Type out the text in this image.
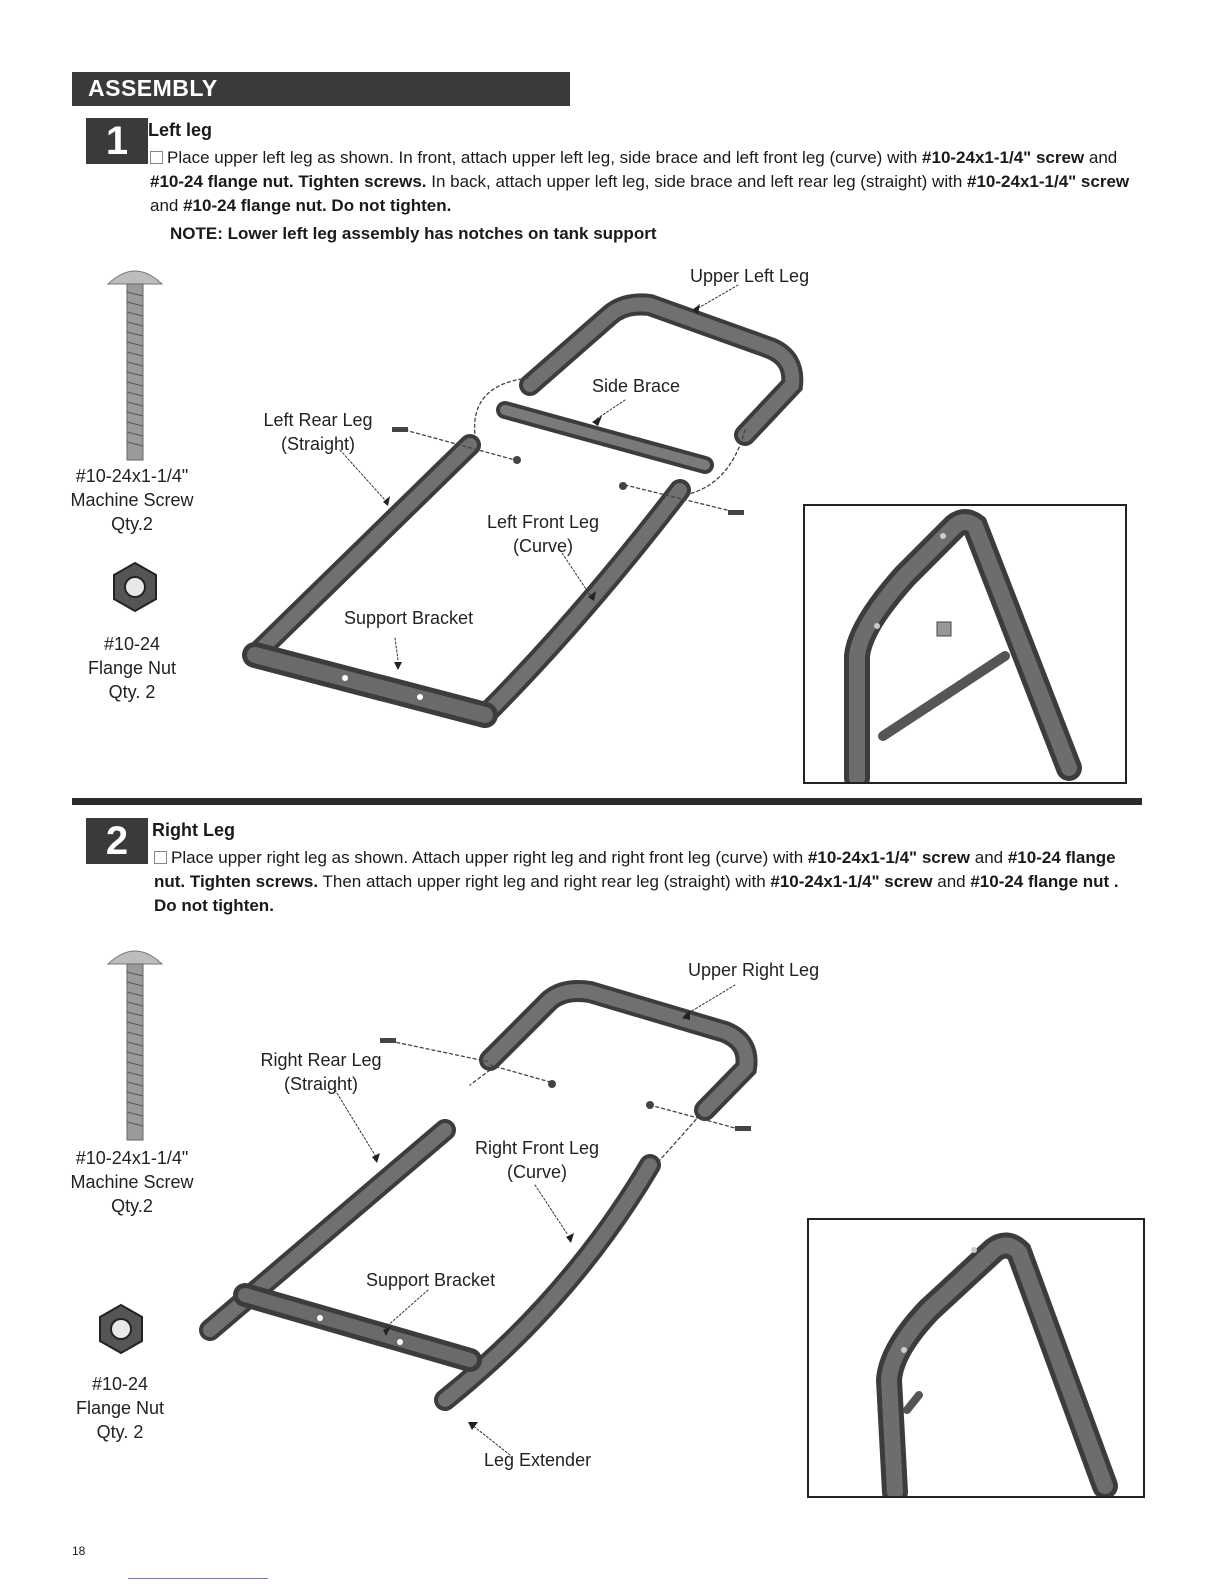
ASSEMBLY
1	Left leg
Place upper left leg as shown. In front, attach upper left leg, side brace and left front leg (curve) with #10-24x1-1/4" screw and #10-24 flange nut. Tighten screws. In back, attach upper left leg, side brace and left rear leg (straight) with #10-24x1-1/4" screw and #10-24 flange nut. Do not tighten.
NOTE: Lower left leg assembly has notches on tank support
#10-24x1-1/4"
Machine Screw
Qty.2
#10-24
Flange Nut
Qty. 2
Upper Left Leg
Side Brace
Left Rear Leg
(Straight)
Left Front Leg
(Curve)
Support Bracket
2	Right Leg
Place upper right leg as shown. Attach upper right leg and right front leg (curve) with #10-24x1-1/4" screw and #10-24 flange nut. Tighten screws. Then attach upper right leg and right rear leg (straight) with #10-24x1-1/4" screw and #10-24 flange nut . Do not tighten.
#10-24x1-1/4"
Machine Screw
Qty.2
#10-24
Flange Nut
Qty. 2
Upper Right Leg
Right Rear Leg
(Straight)
Right Front Leg
(Curve)
Support Bracket
Leg Extender
18
